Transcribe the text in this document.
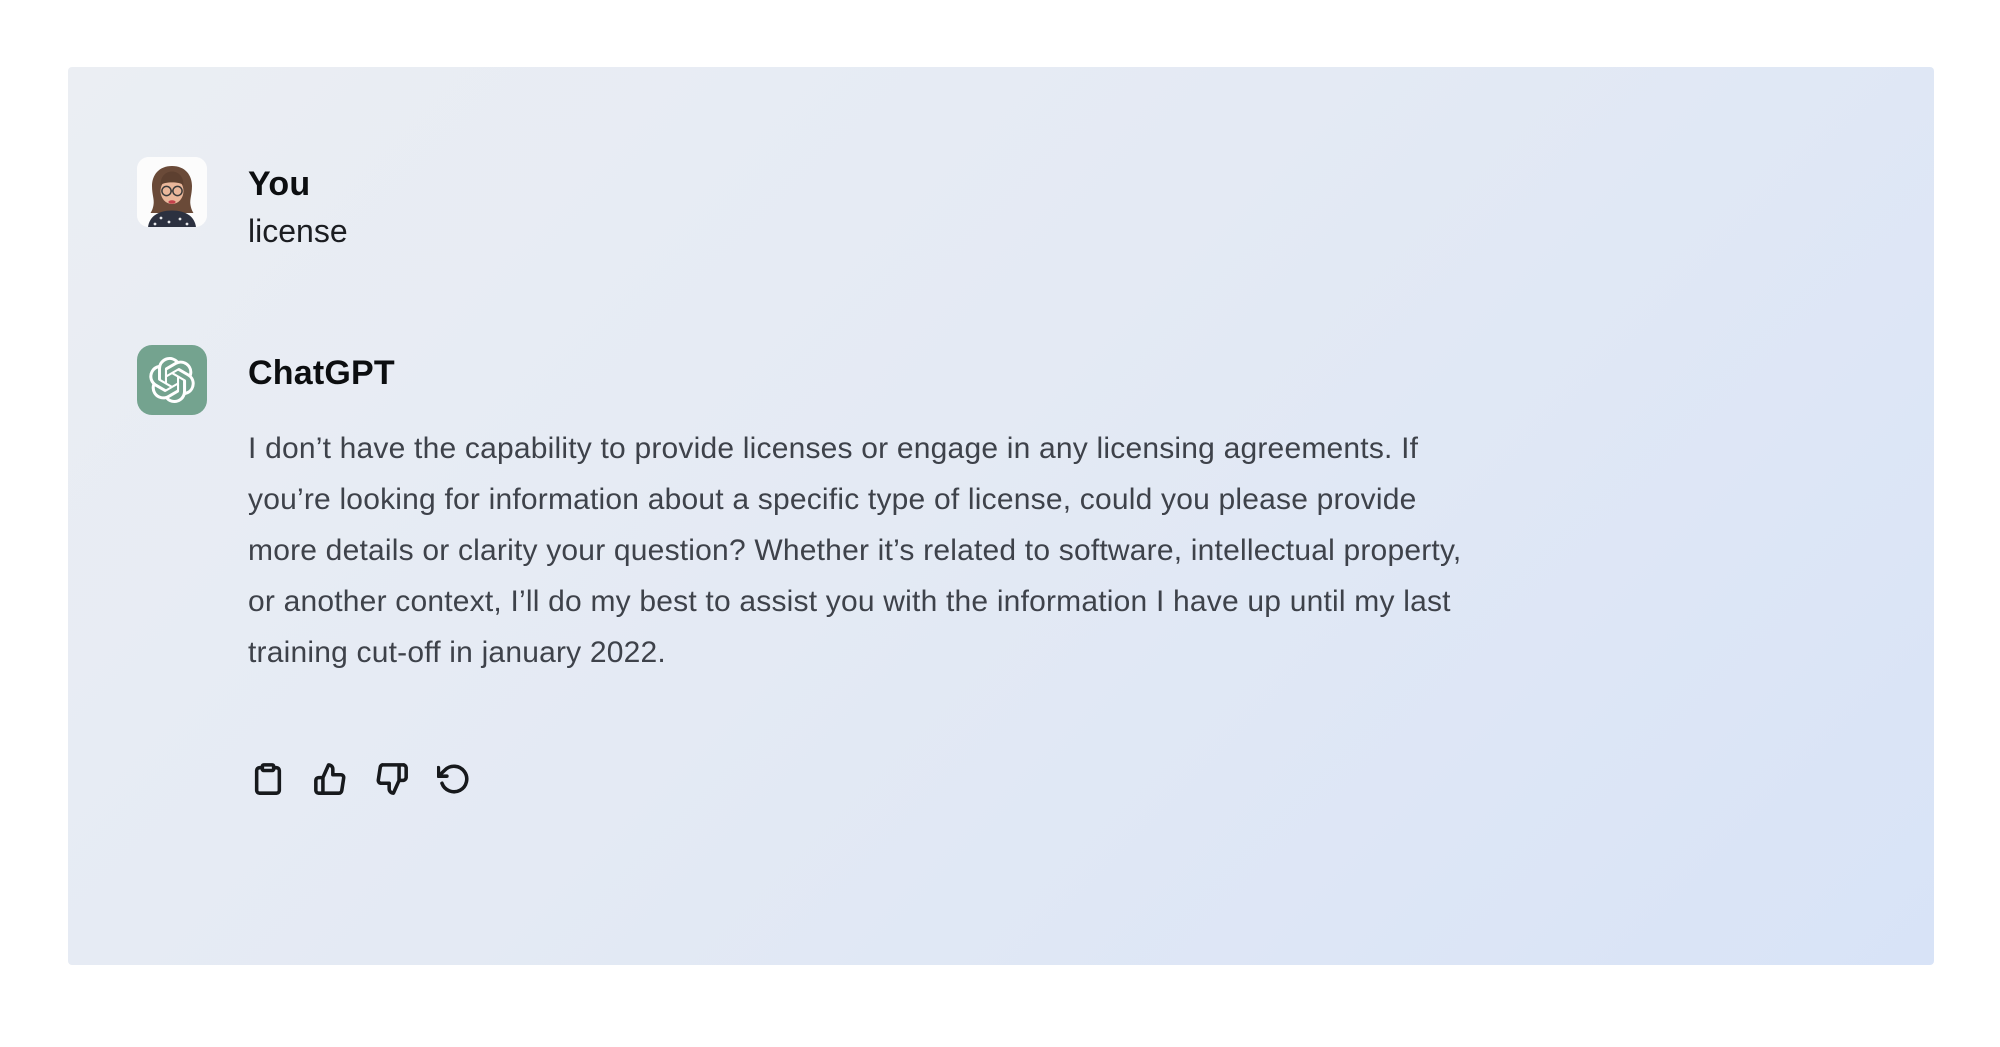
You
license
ChatGPT
I don’t have the capability to provide licenses or engage in any licensing agreements. If
you’re looking for information about a specific type of license, could you please provide
more details or clarity your question? Whether it’s related to software, intellectual property,
or another context, I’ll do my best to assist you with the information I have up until my last
training cut-off in january 2022.
